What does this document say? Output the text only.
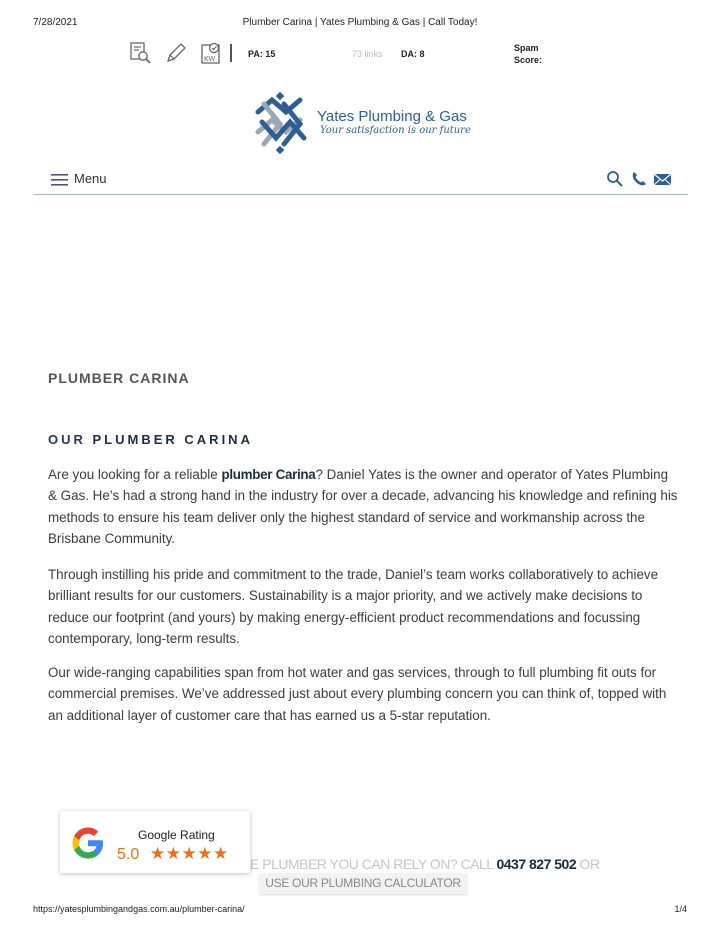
7/28/2021	Plumber Carina | Yates Plumbing & Gas | Call Today!
KW	PA: 15	73 links DA: 8
Spam Score:
Yates Plumbing & Gas
Your satisfaction is our future
Menu
PLUMBER CARINA
OUR PLUMBER CARINA

Are you looking for a reliable plumber Carina? Daniel Yates is the owner and operator of Yates Plumbing & Gas. He’s had a strong hand in the industry for over a decade, advancing his knowledge and refining his methods to ensure his team deliver only the highest standard of service and workmanship across the Brisbane Community.

Through instilling his pride and commitment to the trade, Daniel’s team works collaboratively to achieve brilliant results for our customers. Sustainability is a major priority, and we actively make decisions to reduce our footprint (and yours) by making energy-efficient product recommendations and focussing contemporary, long-term results.

Our wide-ranging capabilities span from hot water and gas services, through to full plumbing fit outs for commercial premises. We’ve addressed just about every plumbing concern you can think of, topped with an additional layer of customer care that has earned us a 5-star reputation.

E PLUMBER YOU CAN RELY ON? CALL 0437 827 502 OR
USE OUR PLUMBING CALCULATOR
Google Rating
5.0 ★★★★★
https://yatesplumbingandgas.com.au/plumber-carina/	1/4
